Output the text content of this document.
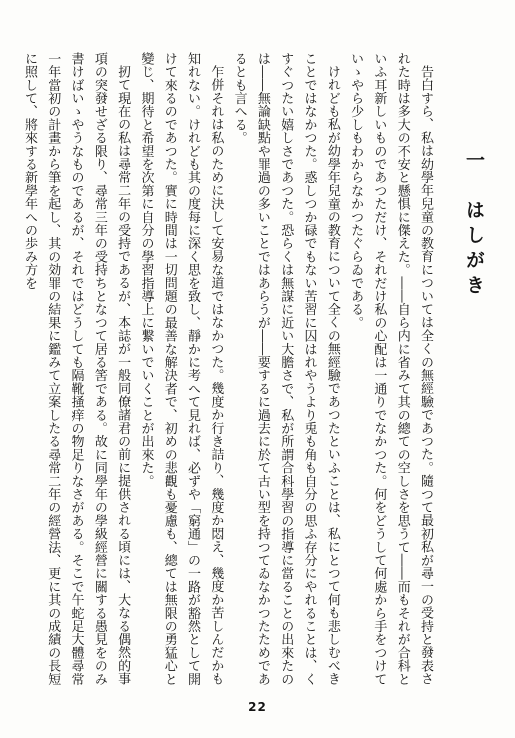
一　はしがき

告白すら、私は幼學年兒童の教育については全くの無經驗であつた。隨つて最初私が尋一の受持と發表された時は多大の不安と懸惧に傑えた。――自ら内に省みて其の總ての空しさを思うて――而もそれが合科といふ耳新しいものであつただけ、それだけ私の心配は一通りでなかつた。何をどうして何處から手をつけていゝやら少しもわからなかつたぐらゐである。

けれども私が幼學年兒童の教育について全くの無經驗であつたといふことは、私にとつて何も悲しむべきことではなかつた。惑しつか碌でもない苦習に囚はれやうより兎も角も自分の思ふ存分にやれることは、くすぐつたい嬉しさであつた。恐らくは無謀に近い大膽さで、私が所謂合科學習の指導に當ることの出來たのは――無論缺點や罪過の多いことではあらうが――要するに過去に於て古い型を持つてゐなかつたためであるとも言へる。

乍併それは私のために決して安易な道ではなかつた。幾度か行き詰り、幾度か悶え、幾度か苦しんだかも知れない。けれども其の度每に深く思を致し、靜かに考へて見れば、必ずや「窮通」の一路が豁然として開けて來るのであつた。實に時間は一切問題の最善な解決者で、初めの悲觀も憂慮も、總ては無限の勇猛心と變じ、期待と希望を次第に自分の學習指導上に繋いでいくことが出來た。

扨て現在の私は尋常二年の受持であるが、本誌が一般同僚諸君の前に提供される頃には、大なる偶然的事項の突發せざる限り、尋常三年の受持ちとなつて居る筈である。故に同學年の學級經營に關する愚見をのみ書けばいゝやうなものであるが、それではどうしても隔靴掻痒の物足りなさがある。そこで午蛇足大體尋常一年當初の計畫から筆を起し、其の効罪の結果に鑑みて立案したる尋常二年の經營法、更に其の成績の長短に照して、將來する新學年への歩み方を

22
